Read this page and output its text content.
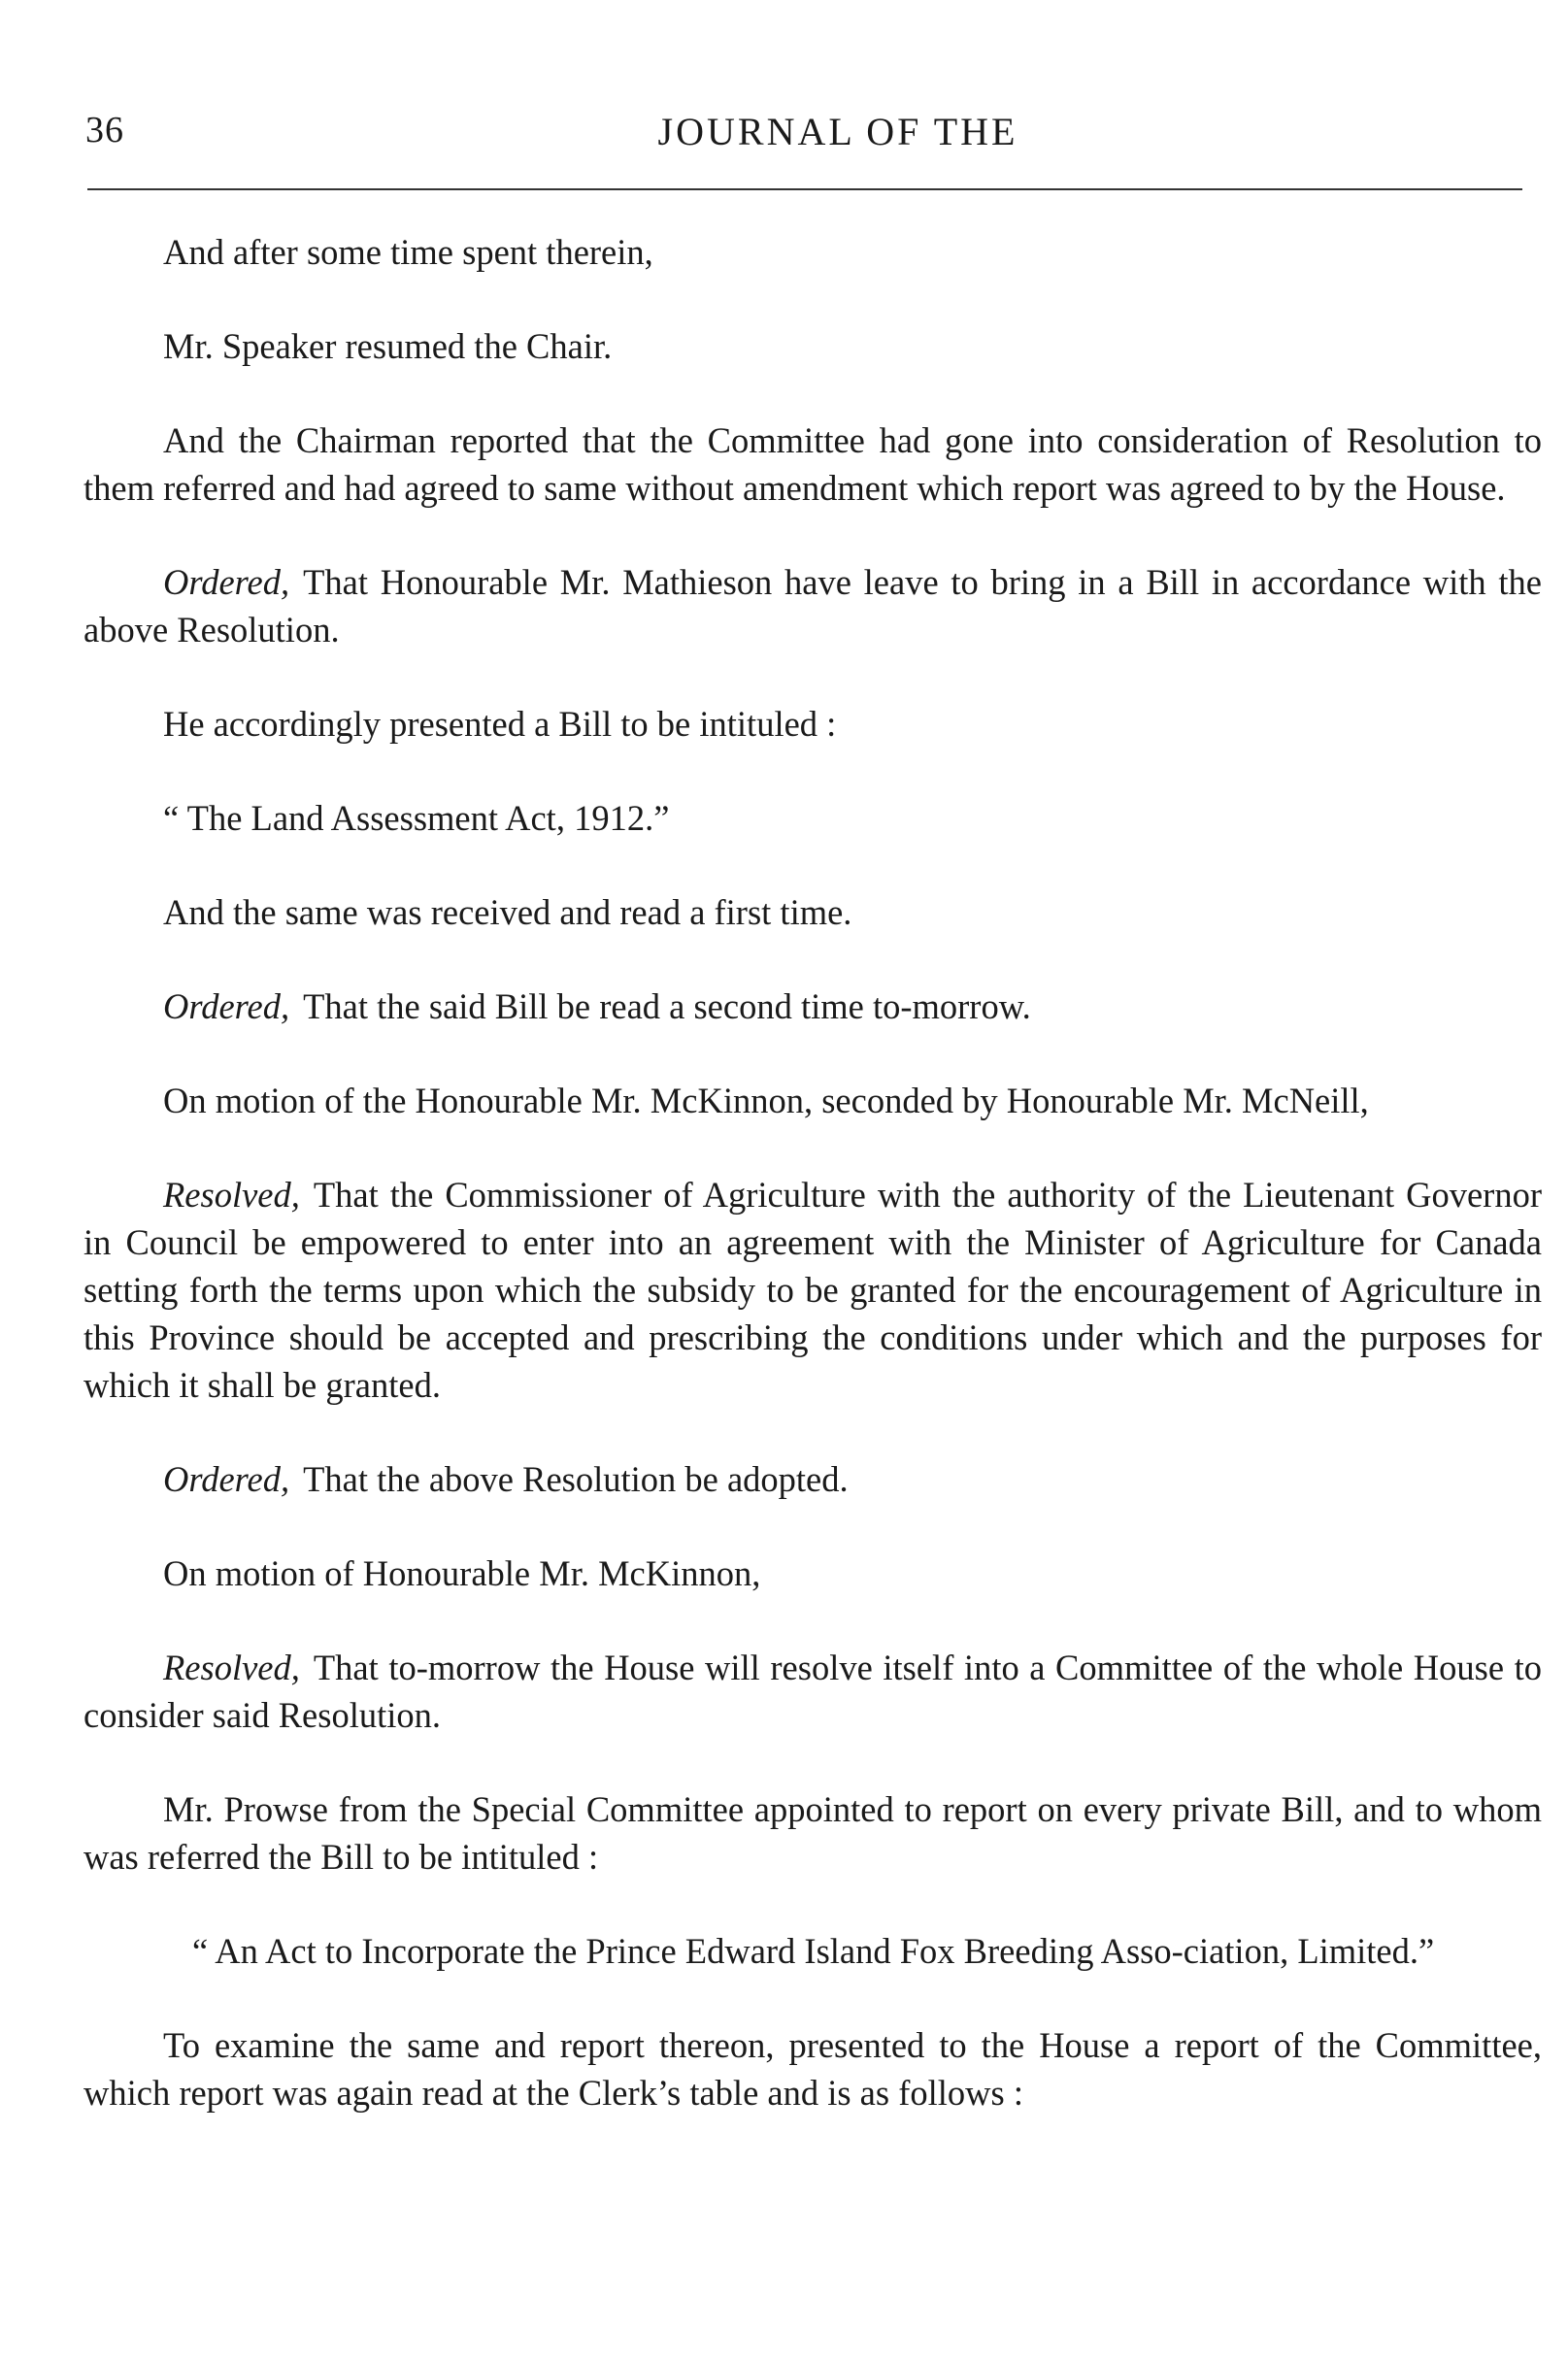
36	JOURNAL OF THE

And after some time spent therein,

Mr. Speaker resumed the Chair.

And the Chairman reported that the Committee had gone into consideration of Resolution to them referred and had agreed to same without amendment which report was agreed to by the House.

Ordered, That Honourable Mr. Mathieson have leave to bring in a Bill in accordance with the above Resolution.

He accordingly presented a Bill to be intituled :

“ The Land Assessment Act, 1912.”

And the same was received and read a first time.

Ordered, That the said Bill be read a second time to-morrow.

On motion of the Honourable Mr. McKinnon, seconded by Honourable Mr. McNeill,

Resolved, That the Commissioner of Agriculture with the authority of the Lieutenant Governor in Council be empowered to enter into an agreement with the Minister of Agriculture for Canada setting forth the terms upon which the subsidy to be granted for the encouragement of Agriculture in this Province should be accepted and prescribing the conditions under which and the purposes for which it shall be granted.

Ordered, That the above Resolution be adopted.

On motion of Honourable Mr. McKinnon,

Resolved, That to-morrow the House will resolve itself into a Committee of the whole House to consider said Resolution.

Mr. Prowse from the Special Committee appointed to report on every private Bill, and to whom was referred the Bill to be intituled :

“ An Act to Incorporate the Prince Edward Island Fox Breeding Asso-ciation, Limited.”

To examine the same and report thereon, presented to the House a report of the Committee, which report was again read at the Clerk’s table and is as follows :
